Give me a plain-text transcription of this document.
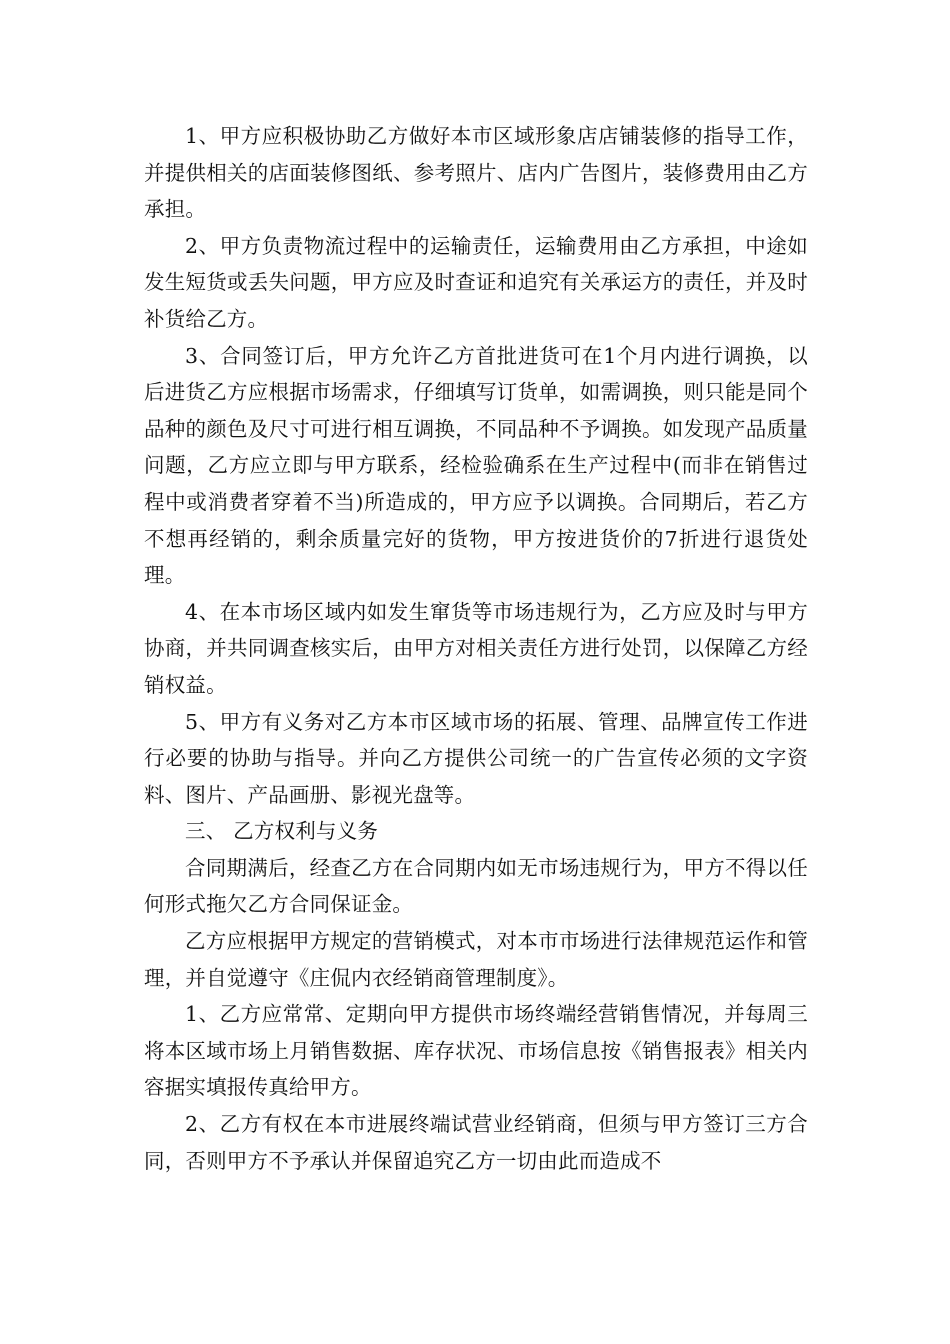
1、甲方应积极协助乙方做好本市区域形象店店铺装修的指导工作，并提供相关的店面装修图纸、参考照片、店内广告图片，装修费用由乙方承担。

2、甲方负责物流过程中的运输责任，运输费用由乙方承担，中途如发生短货或丢失问题，甲方应及时查证和追究有关承运方的责任，并及时补货给乙方。

3、合同签订后，甲方允许乙方首批进货可在1个月内进行调换，以后进货乙方应根据市场需求，仔细填写订货单，如需调换，则只能是同个品种的颜色及尺寸可进行相互调换，不同品种不予调换。如发现产品质量问题，乙方应立即与甲方联系，经检验确系在生产过程中(而非在销售过程中或消费者穿着不当)所造成的，甲方应予以调换。合同期后，若乙方不想再经销的，剩余质量完好的货物，甲方按进货价的7折进行退货处理。

4、在本市场区域内如发生窜货等市场违规行为，乙方应及时与甲方协商，并共同调查核实后，由甲方对相关责任方进行处罚，以保障乙方经销权益。

5、甲方有义务对乙方本市区域市场的拓展、管理、品牌宣传工作进行必要的协助与指导。并向乙方提供公司统一的广告宣传必须的文字资料、图片、产品画册、影视光盘等。

三、 乙方权利与义务

合同期满后，经查乙方在合同期内如无市场违规行为，甲方不得以任何形式拖欠乙方合同保证金。

乙方应根据甲方规定的营销模式，对本市市场进行法律规范运作和管理，并自觉遵守《庄侃内衣经销商管理制度》。

1、乙方应常常、定期向甲方提供市场终端经营销售情况，并每周三将本区域市场上月销售数据、库存状况、市场信息按《销售报表》相关内容据实填报传真给甲方。

2、乙方有权在本市进展终端试营业经销商，但须与甲方签订三方合同，否则甲方不予承认并保留追究乙方一切由此而造成不
